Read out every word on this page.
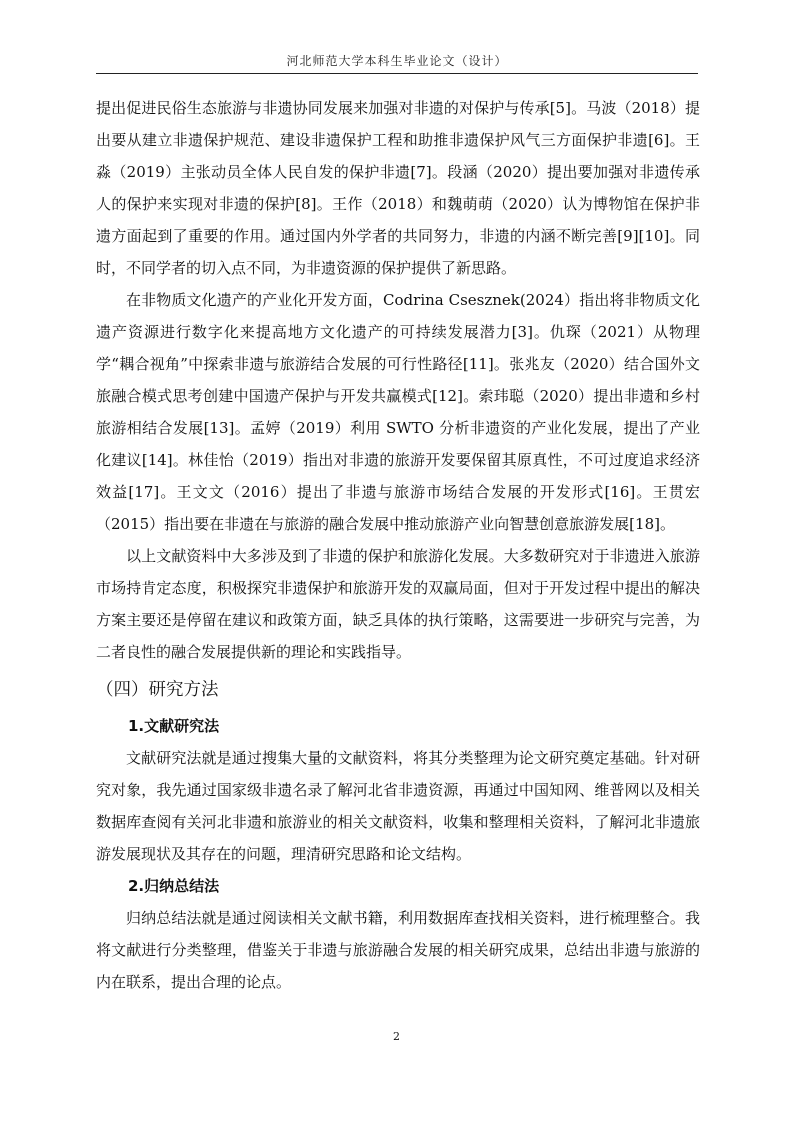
河北师范大学本科生毕业论文（设计）

提出促进民俗生态旅游与非遗协同发展来加强对非遗的对保护与传承[5]。马波（2018）提出要从建立非遗保护规范、建设非遗保护工程和助推非遗保护风气三方面保护非遗[6]。王淼（2019）主张动员全体人民自发的保护非遗[7]。段涵（2020）提出要加强对非遗传承人的保护来实现对非遗的保护[8]。王作（2018）和魏萌萌（2020）认为博物馆在保护非遗方面起到了重要的作用。通过国内外学者的共同努力，非遗的内涵不断完善[9][10]。同时，不同学者的切入点不同，为非遗资源的保护提供了新思路。

在非物质文化遗产的产业化开发方面，Codrina Csesznek(2024）指出将非物质文化遗产资源进行数字化来提高地方文化遗产的可持续发展潜力[3]。仇琛（2021）从物理学“耦合视角”中探索非遗与旅游结合发展的可行性路径[11]。张兆友（2020）结合国外文旅融合模式思考创建中国遗产保护与开发共赢模式[12]。索玮聪（2020）提出非遗和乡村旅游相结合发展[13]。孟婷（2019）利用 SWTO 分析非遗资的产业化发展，提出了产业化建议[14]。林佳怡（2019）指出对非遗的旅游开发要保留其原真性，不可过度追求经济效益[17]。王文文（2016）提出了非遗与旅游市场结合发展的开发形式[16]。王贯宏（2015）指出要在非遗在与旅游的融合发展中推动旅游产业向智慧创意旅游发展[18]。

以上文献资料中大多涉及到了非遗的保护和旅游化发展。大多数研究对于非遗进入旅游市场持肯定态度，积极探究非遗保护和旅游开发的双赢局面，但对于开发过程中提出的解决方案主要还是停留在建议和政策方面，缺乏具体的执行策略，这需要进一步研究与完善，为二者良性的融合发展提供新的理论和实践指导。

（四）研究方法
1.文献研究法

文献研究法就是通过搜集大量的文献资料，将其分类整理为论文研究奠定基础。针对研究对象，我先通过国家级非遗名录了解河北省非遗资源，再通过中国知网、维普网以及相关数据库查阅有关河北非遗和旅游业的相关文献资料，收集和整理相关资料，了解河北非遗旅游发展现状及其存在的问题，理清研究思路和论文结构。

2.归纳总结法

归纳总结法就是通过阅读相关文献书籍，利用数据库查找相关资料，进行梳理整合。我将文献进行分类整理，借鉴关于非遗与旅游融合发展的相关研究成果，总结出非遗与旅游的内在联系，提出合理的论点。

2
